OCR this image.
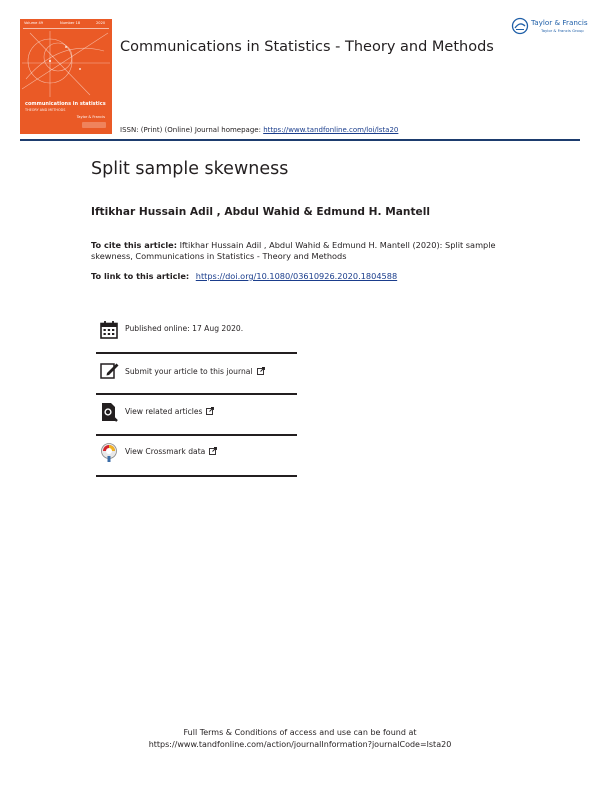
Volume 49	Number 18	2020
communications in statistics
THEORY AND METHODS
Taylor & Francis
Communications in Statistics - Theory and Methods
Taylor & Francis
Taylor & Francis Group
ISSN: (Print) (Online) Journal homepage: https://www.tandfonline.com/loi/lsta20
Split sample skewness
Iftikhar Hussain Adil , Abdul Wahid & Edmund H. Mantell
To cite this article: Iftikhar Hussain Adil , Abdul Wahid & Edmund H. Mantell (2020): Split sample skewness, Communications in Statistics - Theory and Methods
To link to this article: https://doi.org/10.1080/03610926.2020.1804588
Published online: 17 Aug 2020.
Submit your article to this journal
View related articles
View Crossmark data
Full Terms & Conditions of access and use can be found at
https://www.tandfonline.com/action/journalInformation?journalCode=lsta20
